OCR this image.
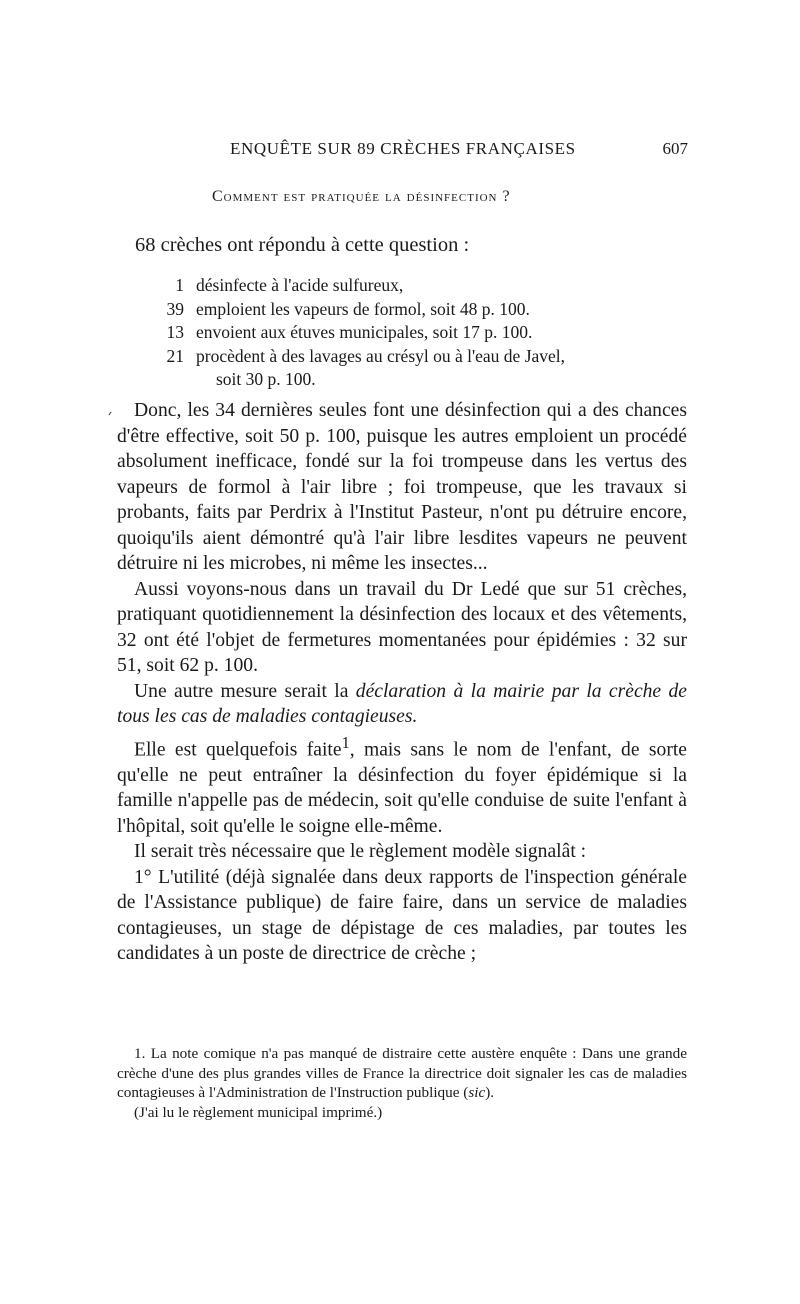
ENQUÊTE SUR 89 CRÈCHES FRANÇAISES	607
Comment est pratiquée la désinfection ?
68 crèches ont répondu à cette question :
1 désinfecte à l'acide sulfureux,
39 emploient les vapeurs de formol, soit 48 p. 100.
13 envoient aux étuves municipales, soit 17 p. 100.
21 procèdent à des lavages au crésyl ou à l'eau de Javel,
soit 30 p. 100.

Donc, les 34 dernières seules font une désinfection qui a des chances d'être effective, soit 50 p. 100, puisque les autres emploient un procédé absolument inefficace, fondé sur la foi trompeuse dans les vertus des vapeurs de formol à l'air libre ; foi trompeuse, que les travaux si probants, faits par Perdrix à l'Institut Pasteur, n'ont pu détruire encore, quoiqu'ils aient démontré qu'à l'air libre lesdites vapeurs ne peuvent détruire ni les microbes, ni même les insectes...

Aussi voyons-nous dans un travail du Dr Ledé que sur 51 crèches, pratiquant quotidiennement la désinfection des locaux et des vêtements, 32 ont été l'objet de fermetures momentanées pour épidémies : 32 sur 51, soit 62 p. 100.

Une autre mesure serait la déclaration à la mairie par la crèche de tous les cas de maladies contagieuses.

Elle est quelquefois faite$^1$, mais sans le nom de l'enfant, de sorte qu'elle ne peut entraîner la désinfection du foyer épidémique si la famille n'appelle pas de médecin, soit qu'elle conduise de suite l'enfant à l'hôpital, soit qu'elle le soigne elle-même.

Il serait très nécessaire que le règlement modèle signalât :

1° L'utilité (déjà signalée dans deux rapports de l'inspection générale de l'Assistance publique) de faire faire, dans un service de maladies contagieuses, un stage de dépistage de ces maladies, par toutes les candidates à un poste de directrice de crèche ;

1. La note comique n'a pas manqué de distraire cette austère enquête : Dans une grande crèche d'une des plus grandes villes de France la directrice doit signaler les cas de maladies contagieuses à l'Administration de l'Instruction publique (sic).

(J'ai lu le règlement municipal imprimé.)
